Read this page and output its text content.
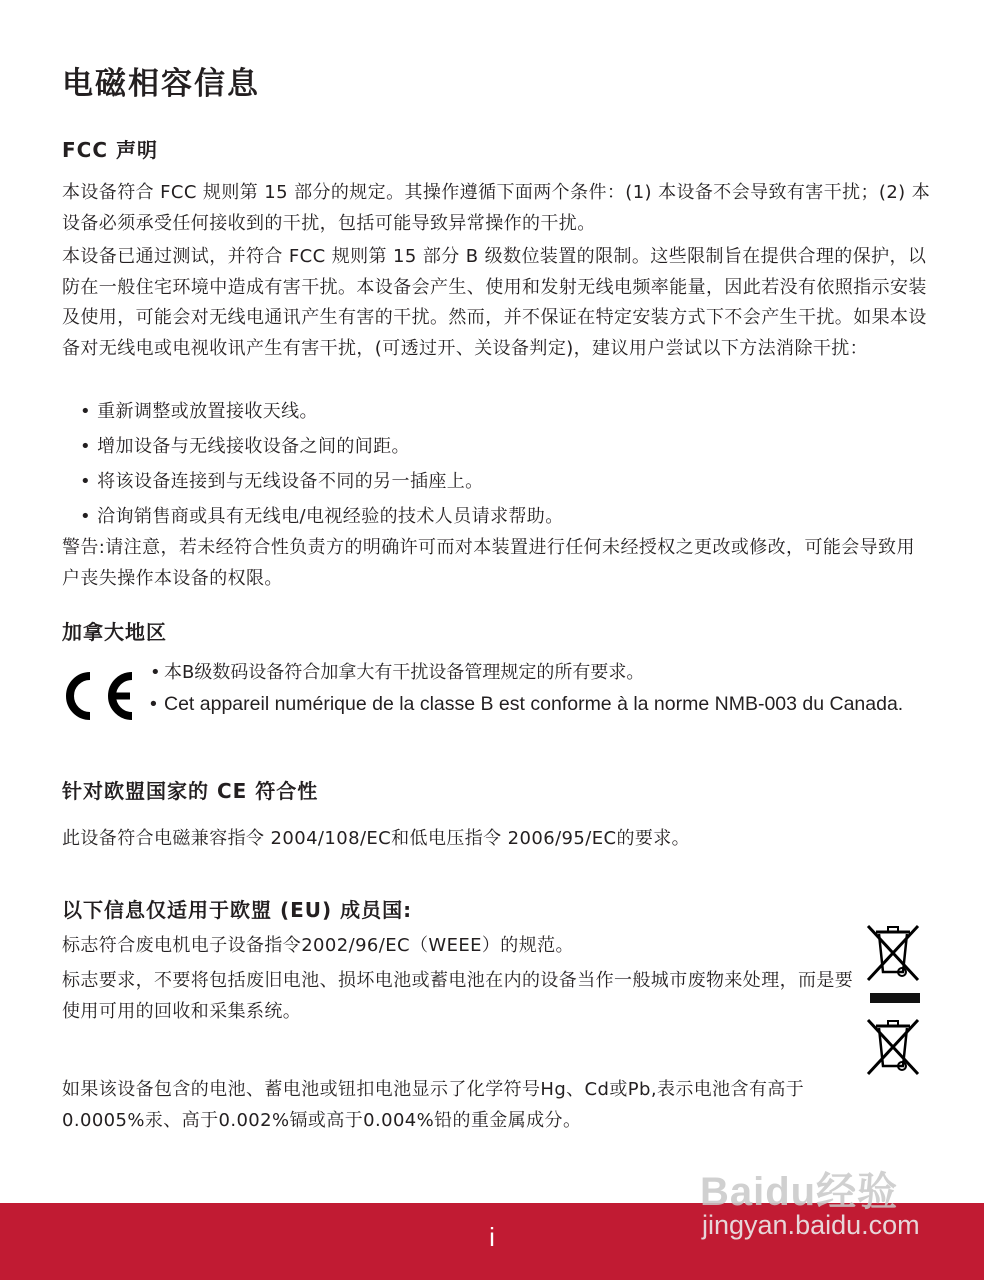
电磁相容信息
FCC 声明
本设备符合 FCC 规则第 15 部分的规定。其操作遵循下面两个条件：(1) 本设备不会导致有害干扰；(2) 本设备必须承受任何接收到的干扰，包括可能导致异常操作的干扰。
本设备已通过测试，并符合 FCC 规则第 15 部分 B 级数位装置的限制。这些限制旨在提供合理的保护，以防在一般住宅环境中造成有害干扰。本设备会产生、使用和发射无线电频率能量，因此若没有依照指示安装及使用，可能会对无线电通讯产生有害的干扰。然而，并不保证在特定安装方式下不会产生干扰。如果本设备对无线电或电视收讯产生有害干扰，(可透过开、关设备判定)，建议用户尝试以下方法消除干扰：
• 重新调整或放置接收天线。
• 增加设备与无线接收设备之间的间距。
• 将该设备连接到与无线设备不同的另一插座上。
• 洽询销售商或具有无线电/电视经验的技术人员请求帮助。
警告:请注意，若未经符合性负责方的明确许可而对本装置进行任何未经授权之更改或修改，可能会导致用户丧失操作本设备的权限。
加拿大地区
• 本B级数码设备符合加拿大有干扰设备管理规定的所有要求。
• Cet appareil numérique de la classe B est conforme à la norme NMB-003 du Canada.
针对欧盟国家的 CE 符合性
此设备符合电磁兼容指令 2004/108/EC和低电压指令 2006/95/EC的要求。
以下信息仅适用于欧盟 (EU) 成员国:
标志符合废电机电子设备指令2002/96/EC（WEEE）的规范。
标志要求，不要将包括废旧电池、损坏电池或蓄电池在内的设备当作一般城市废物来处理，而是要使用可用的回收和采集系统。
如果该设备包含的电池、蓄电池或钮扣电池显示了化学符号Hg、Cd或Pb,表示电池含有高于0.0005%汞、高于0.002%镉或高于0.004%铅的重金属成分。
i
Baidu经验
jingyan.baidu.com
